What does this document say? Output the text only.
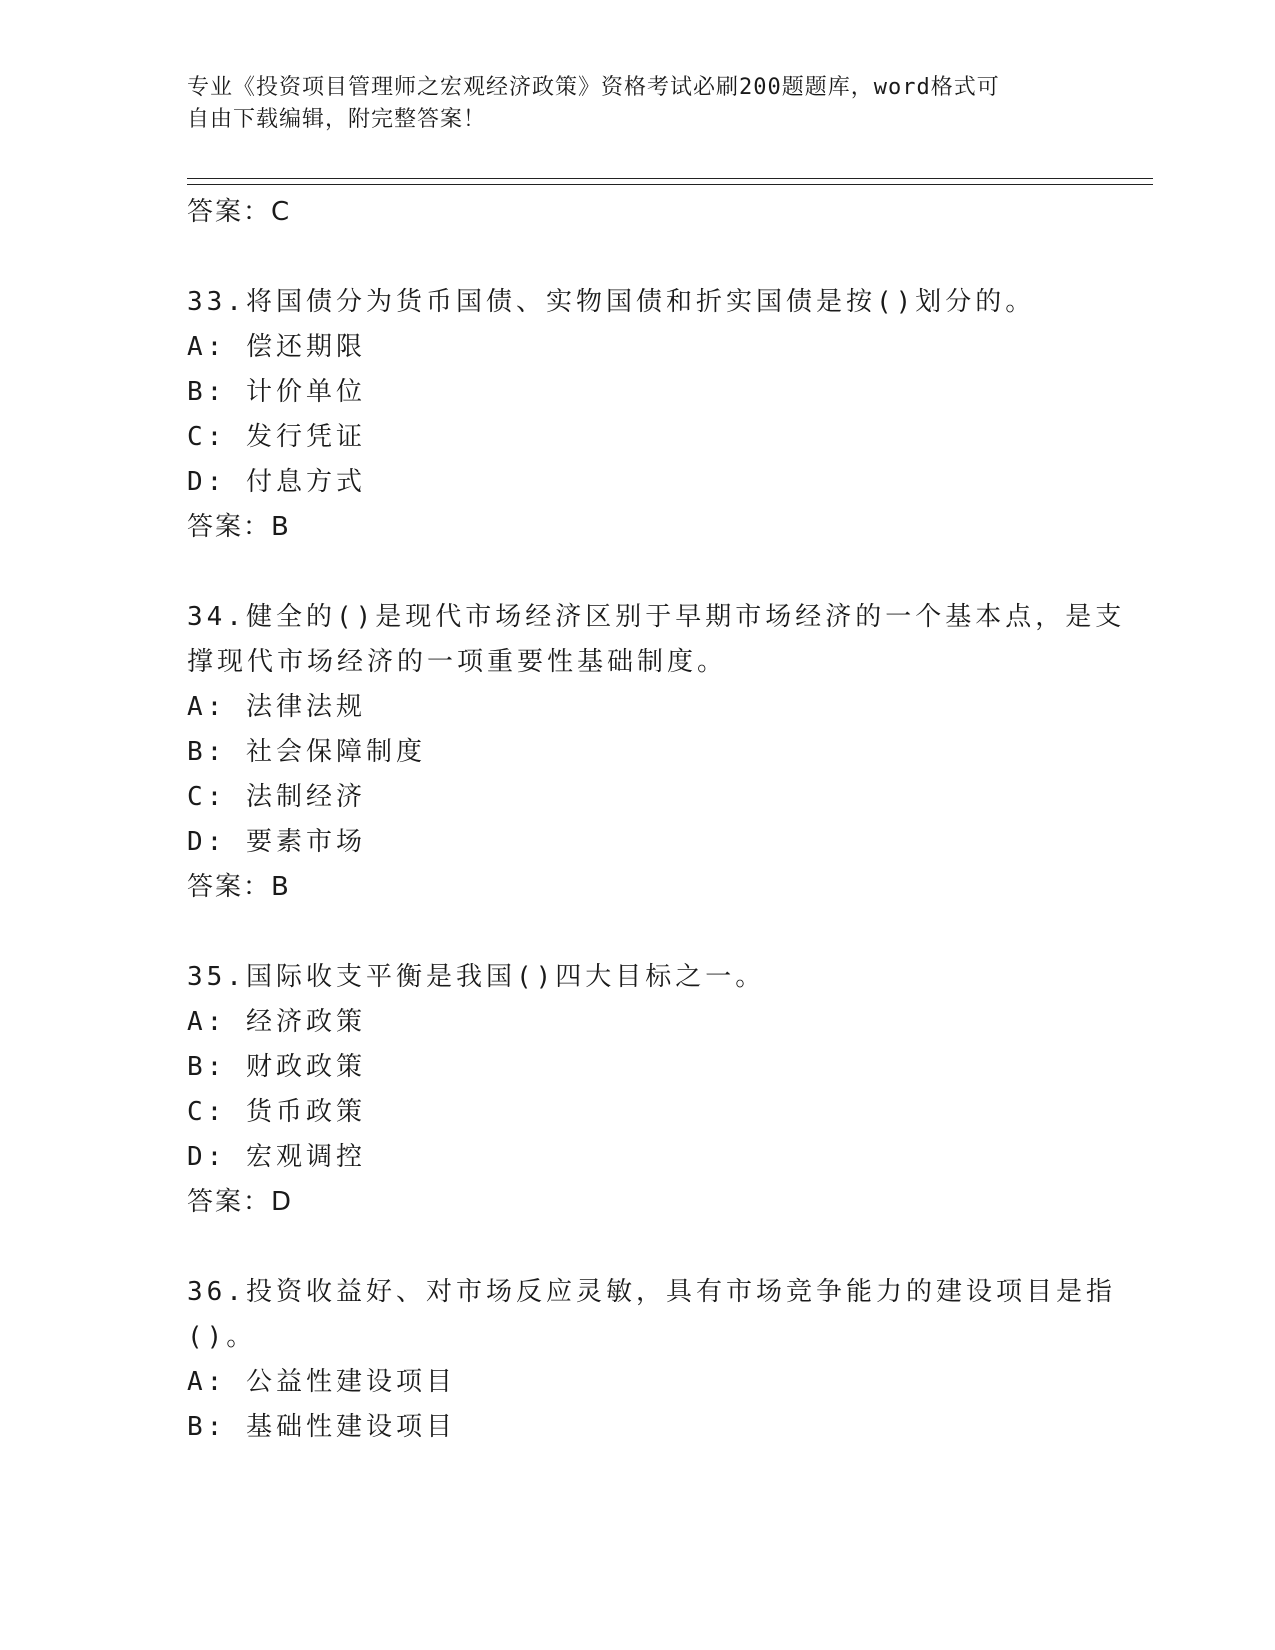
专业《投资项目管理师之宏观经济政策》资格考试必刷200题题库，word格式可
自由下载编辑，附完整答案！
答案：C
33.将国债分为货币国债、实物国债和折实国债是按()划分的。
A: 偿还期限
B: 计价单位
C: 发行凭证
D: 付息方式
答案：B
34.健全的()是现代市场经济区别于早期市场经济的一个基本点，是支
撑现代市场经济的一项重要性基础制度。
A: 法律法规
B: 社会保障制度
C: 法制经济
D: 要素市场
答案：B
35.国际收支平衡是我国()四大目标之一。
A: 经济政策
B: 财政政策
C: 货币政策
D: 宏观调控
答案：D
36.投资收益好、对市场反应灵敏，具有市场竞争能力的建设项目是指
()。
A: 公益性建设项目
B: 基础性建设项目
